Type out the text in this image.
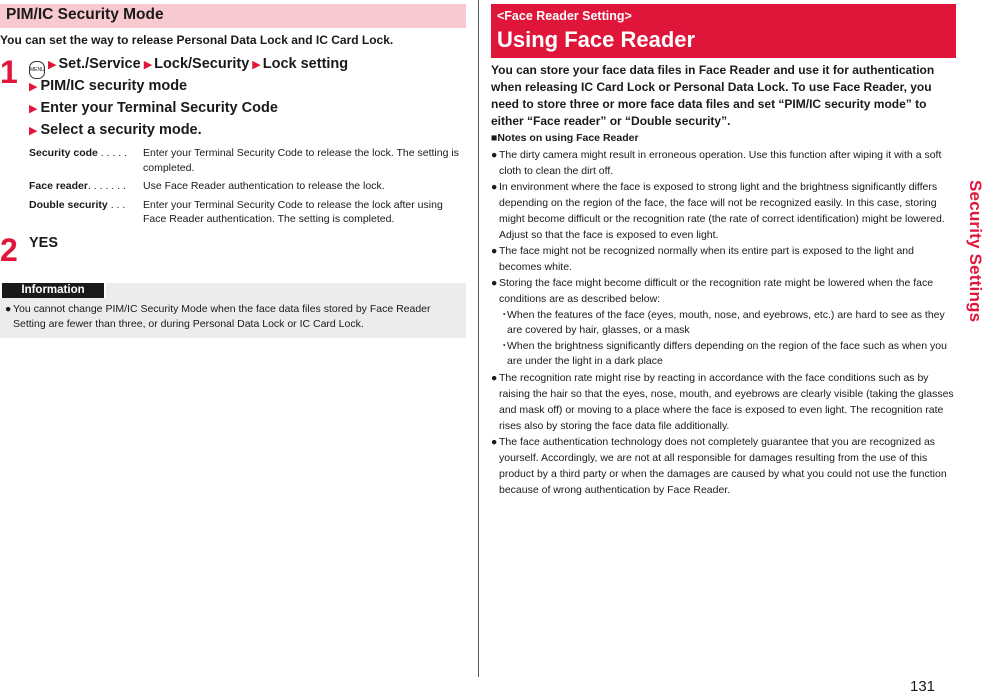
PIM/IC Security Mode
You can set the way to release Personal Data Lock and IC Card Lock.
1 MENU ▶ Set./Service ▶ Lock/Security ▶ Lock setting
▶ PIM/IC security mode
▶ Enter your Terminal Security Code
▶ Select a security mode.
Security code . . . . .	Enter your Terminal Security Code to release the lock. The setting is completed.
Face reader. . . . . . .	Use Face Reader authentication to release the lock.
Double security . . .	Enter your Terminal Security Code to release the lock after using Face Reader authentication. The setting is completed.
2 YES
Information
● You cannot change PIM/IC Security Mode when the face data files stored by Face Reader Setting are fewer than three, or during Personal Data Lock or IC Card Lock.
<Face Reader Setting>
Using Face Reader
You can store your face data files in Face Reader and use it for authentication when releasing IC Card Lock or Personal Data Lock. To use Face Reader, you need to store three or more face data files and set “PIM/IC security mode” to either “Face reader” or “Double security”.
■Notes on using Face Reader
● The dirty camera might result in erroneous operation. Use this function after wiping it with a soft cloth to clean the dirt off.
● In environment where the face is exposed to strong light and the brightness significantly differs depending on the region of the face, the face will not be recognized easily. In this case, storing might become difficult or the recognition rate (the rate of correct identification) might be lowered. Adjust so that the face is exposed to even light.
● The face might not be recognized normally when its entire part is exposed to the light and becomes white.
● Storing the face might become difficult or the recognition rate might be lowered when the face conditions are as described below:
・
When the features of the face (eyes, mouth, nose, and eyebrows, etc.) are hard to see as they are covered by hair, glasses, or a mask
・
When the brightness significantly differs depending on the region of the face such as when you are under the light in a dark place
● The recognition rate might rise by reacting in accordance with the face conditions such as by raising the hair so that the eyes, nose, mouth, and eyebrows are clearly visible (taking the glasses and mask off) or moving to a place where the face is exposed to even light. The recognition rate rises also by storing the face data file additionally.
● The face authentication technology does not completely guarantee that you are recognized as yourself. Accordingly, we are not at all responsible for damages resulting from the use of this product by a third party or when the damages are caused by what you could not use the function because of wrong authentication by Face Reader.
Security Settings
131
